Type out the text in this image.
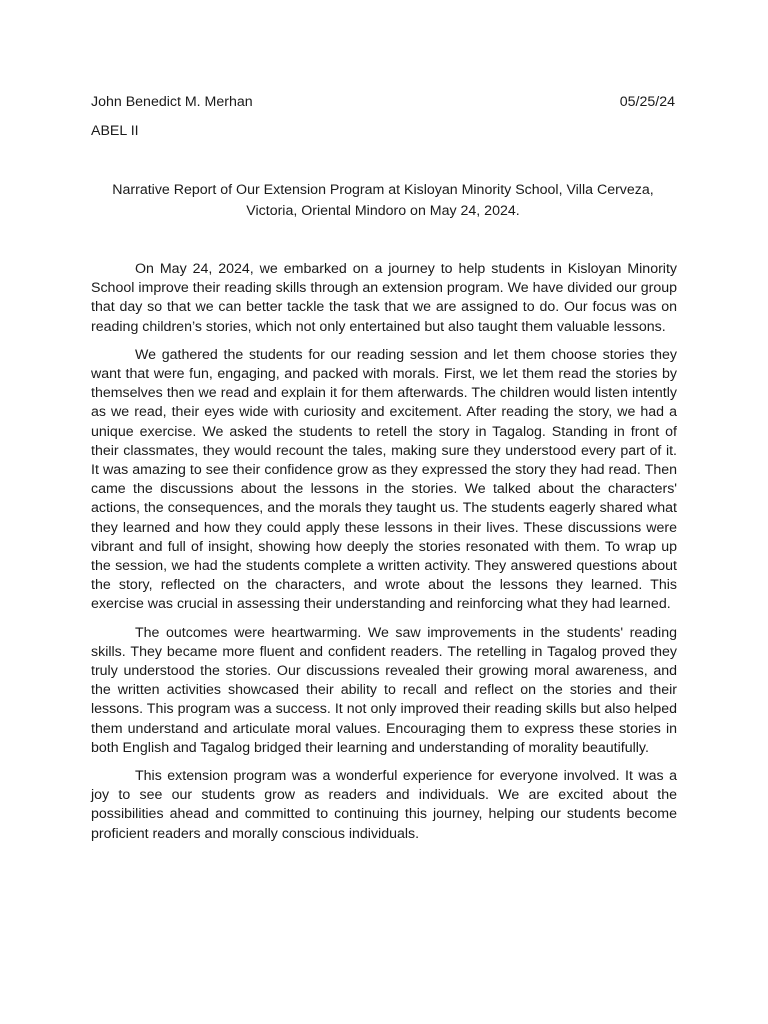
John Benedict M. Merhan	05/25/24
ABEL II
Narrative Report of Our Extension Program at Kisloyan Minority School, Villa Cerveza, Victoria, Oriental Mindoro on May 24, 2024.

On May 24, 2024, we embarked on a journey to help students in Kisloyan Minority School improve their reading skills through an extension program. We have divided our group that day so that we can better tackle the task that we are assigned to do. Our focus was on reading children’s stories, which not only entertained but also taught them valuable lessons.

We gathered the students for our reading session and let them choose stories they want that were fun, engaging, and packed with morals. First, we let them read the stories by themselves then we read and explain it for them afterwards. The children would listen intently as we read, their eyes wide with curiosity and excitement. After reading the story, we had a unique exercise. We asked the students to retell the story in Tagalog. Standing in front of their classmates, they would recount the tales, making sure they understood every part of it. It was amazing to see their confidence grow as they expressed the story they had read. Then came the discussions about the lessons in the stories. We talked about the characters' actions, the consequences, and the morals they taught us. The students eagerly shared what they learned and how they could apply these lessons in their lives. These discussions were vibrant and full of insight, showing how deeply the stories resonated with them. To wrap up the session, we had the students complete a written activity. They answered questions about the story, reflected on the characters, and wrote about the lessons they learned. This exercise was crucial in assessing their understanding and reinforcing what they had learned.

The outcomes were heartwarming. We saw improvements in the students' reading skills. They became more fluent and confident readers. The retelling in Tagalog proved they truly understood the stories. Our discussions revealed their growing moral awareness, and the written activities showcased their ability to recall and reflect on the stories and their lessons. This program was a success. It not only improved their reading skills but also helped them understand and articulate moral values. Encouraging them to express these stories in both English and Tagalog bridged their learning and understanding of morality beautifully.

This extension program was a wonderful experience for everyone involved. It was a joy to see our students grow as readers and individuals. We are excited about the possibilities ahead and committed to continuing this journey, helping our students become proficient readers and morally conscious individuals.
